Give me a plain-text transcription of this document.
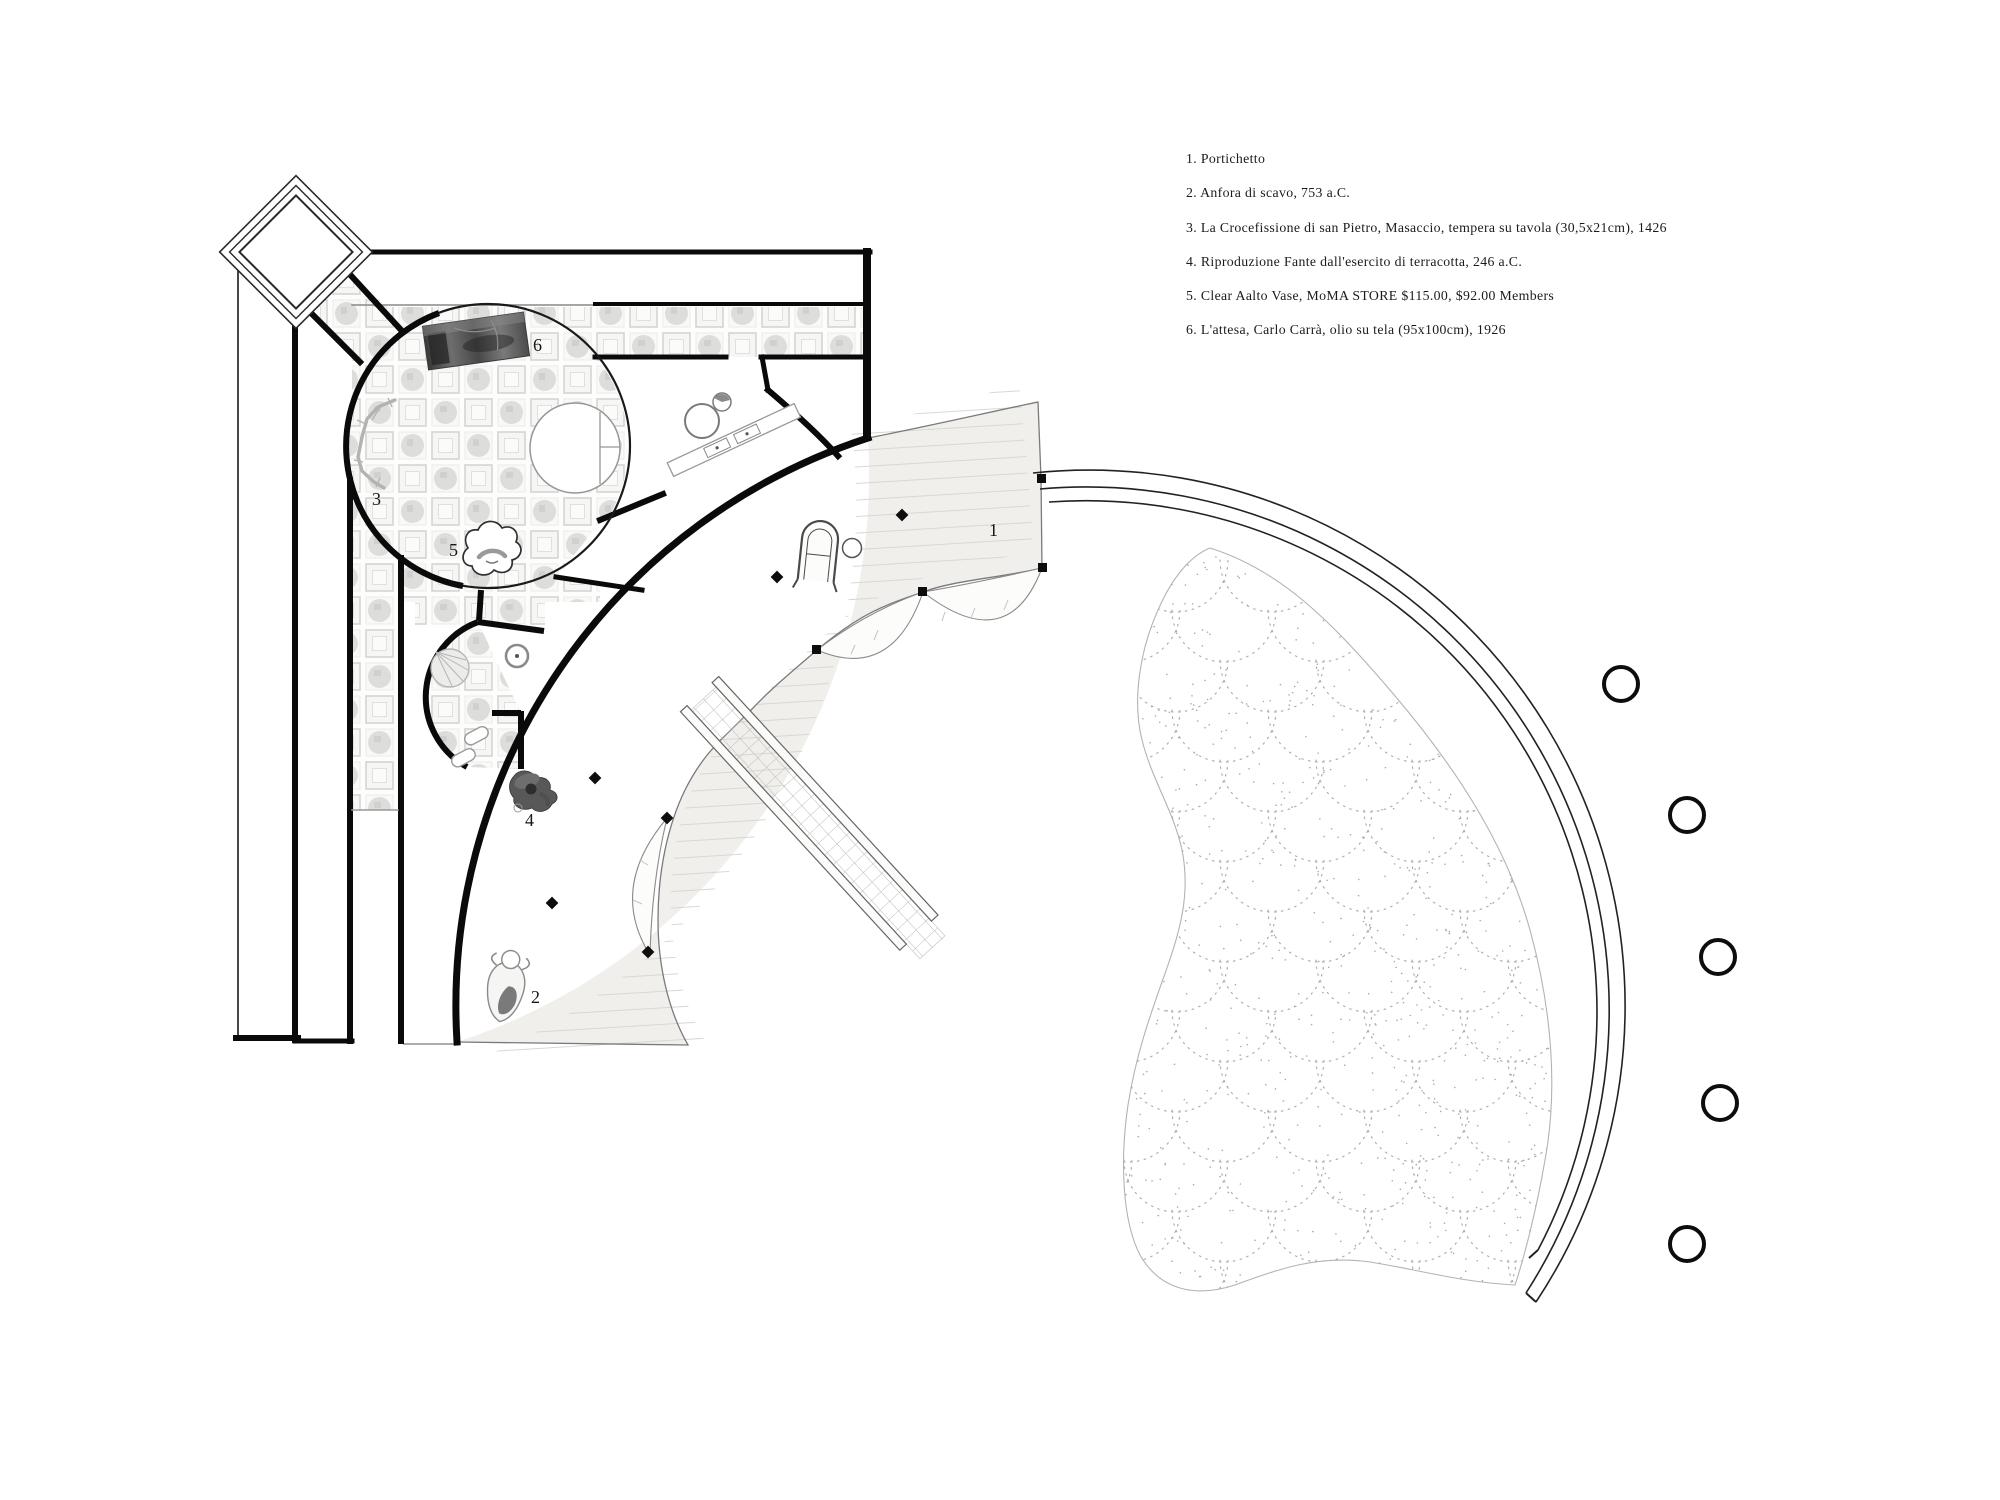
1
2
3
4
5
6
1. Portichetto
2. Anfora di scavo, 753 a.C.
3. La Crocefissione di san Pietro, Masaccio, tempera su tavola (30,5x21cm), 1426
4. Riproduzione Fante dall'esercito di terracotta, 246 a.C.
5. Clear Aalto Vase, MoMA STORE $115.00, $92.00 Members
6. L'attesa, Carlo Carrà, olio su tela (95x100cm), 1926
